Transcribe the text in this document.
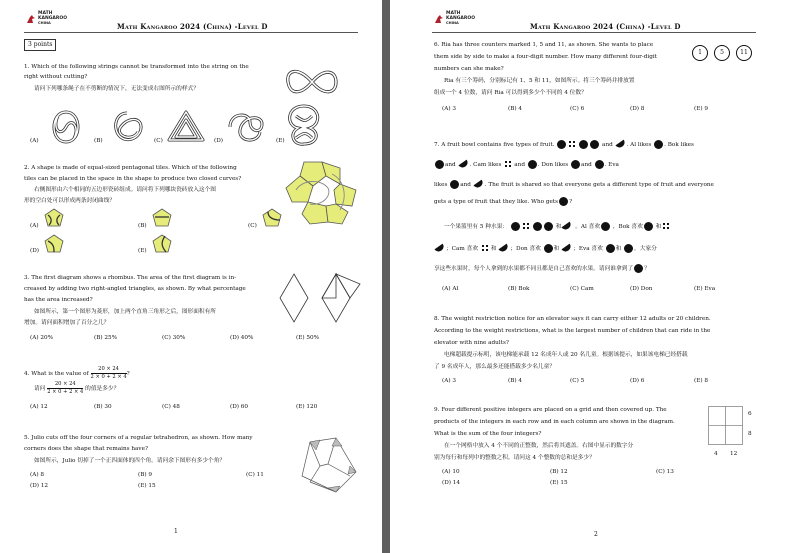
MATH
KANGAROO
CHINA	Math Kangaroo 2024 (China) -Level D
3 points
1. Which of the following strings cannot be transformed into the string on the
right without cutting?
请问下列哪条绳子在不剪断的情况下，无法变成右图所示的样式？
(A)	(B)	(C)	(D)	(E)
2. A shape is made of equal-sized pentagonal tiles. Which of the following
tiles can be placed in the space in the shape to produce two closed curves?
右侧图形由六个相同的五边形瓷砖组成。请问将下列哪块瓷砖放入这个图
形的空白处可以形成两条封闭曲线？
(A)	(B)	(C)
(D)	(E)
3. The first diagram shows a rhombus. The area of the first diagram is in-
creased by adding two right-angled triangles, as shown. By what percentage
has the area increased?
如图所示，第一个图形为菱形，加上两个直角三角形之后，图形面积有所
增加。请问面积增加了百分之几？
(A) 20%	(B) 25%	(C) 30%	(D) 40%	(E) 50%
4. What is the value of $\frac{20 \times 24}{2 \times 0 + 2 \times 4}$ ?
请问 $\frac{20 \times 24}{2 \times 0 + 2 \times 4}$ 的值是多少？
(A) 12	(B) 30	(C) 48	(D) 60	(E) 120
5. Julio cuts off the four corners of a regular tetrahedron, as shown. How many
corners does the shape that remains have?
如图所示，Julio 切掉了一个正四面体的四个角。请问余下图形有多少个角？
(A) 8	(B) 9	(C) 11
(D) 12	(E) 15
1
MATH
KANGAROO
CHINA	Math Kangaroo 2024 (China) -Level D
6. Ria has three counters marked 1, 5 and 11, as shown. She wants to place
them side by side to make a four-digit number. How many different four-digit
numbers can she make?
Ria 有三个筹码，分别标记有 1、5 和 11，如图所示。将三个筹码并排放置
组成一个 4 位数，请问 Ria 可以得到多少个不同的 4 位数？
1	5	11
(A) 3	(B) 4	(C) 6	(D) 8	(E) 9
7. A fruit bowl contains five types of fruit.	and . Al likes . Bok likes
and . Cam likes and . Don likes and . Eva
likes and . The fruit is shared so that everyone gets a different type of fruit and everyone
gets a type of fruit that they like. Who gets ?
一个果篮里有 5 种水果：	和 。Al 喜欢 ，Bok 喜欢 和
；Cam 喜欢 和 ；Don 喜欢 和 ；Eva 喜欢 和 。大家分
享这些水果时，每个人拿到的水果都不同且都是自己喜欢的水果。请问谁拿到了 ？
(A) Al	(B) Bok	(C) Cam	(D) Don	(E) Eva
8. The weight restriction notice for an elevator says it can carry either 12 adults or 20 children.
According to the weight restrictions, what is the largest number of children that can ride in the
elevator with nine adults?
电梯超载提示标明，该电梯能承载 12 名成年人或 20 名儿童。根据该提示，如果该电梯已经搭载
了 9 名成年人，那么最多还能搭载多少名儿童？
(A) 3	(B) 4	(C) 5	(D) 6	(E) 8
9. Four different positive integers are placed on a grid and then covered up. The
products of the integers in each row and in each column are shown in the diagram.
What is the sum of the four integers?
在一个网格中放入 4 个不同的正整数，然后将其遮盖。右图中显示的数字分
别为每行和每列中的整数之积。请问这 4 个整数的总和是多少？
6
8
4 12
(A) 10	(B) 12	(C) 13
(D) 14	(E) 15
2
